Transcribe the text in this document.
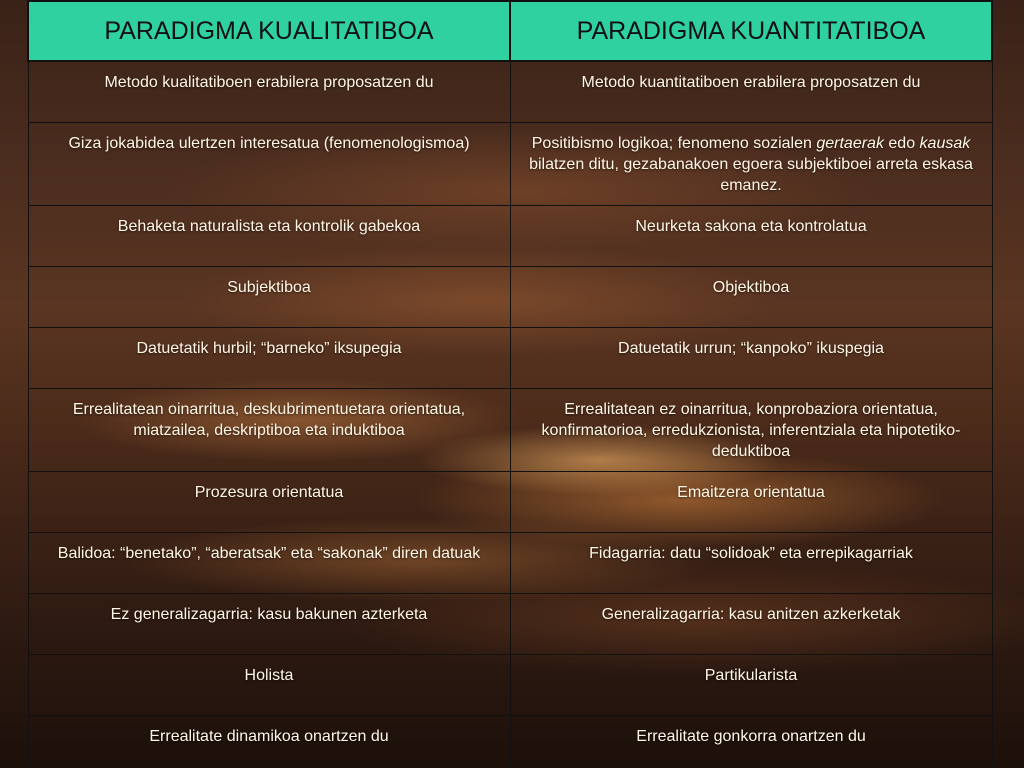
PARADIGMA KUALITATIBOA	PARADIGMA KUANTITATIBOA
Metodo kualitatiboen erabilera proposatzen du	Metodo kuantitatiboen erabilera proposatzen du
Giza jokabidea ulertzen interesatua (fenomenologismoa)	Positibismo logikoa; fenomeno sozialen gertaerak edo kausak bilatzen ditu, gezabanakoen egoera subjektiboei arreta eskasa emanez.
Behaketa naturalista eta kontrolik gabekoa	Neurketa sakona eta kontrolatua
Subjektiboa	Objektiboa
Datuetatik hurbil; “barneko” iksupegia	Datuetatik urrun; “kanpoko” ikuspegia
Errealitatean oinarritua, deskubrimentuetara orientatua, miatzailea, deskriptiboa eta induktiboa	Errealitatean ez oinarritua, konprobaziora orientatua, konfirmatorioa, erredukzionista, inferentziala eta hipotetiko-deduktiboa
Prozesura orientatua	Emaitzera orientatua
Balidoa: “benetako”, “aberatsak” eta “sakonak” diren datuak	Fidagarria: datu “solidoak” eta errepikagarriak
Ez generalizagarria: kasu bakunen azterketa	Generalizagarria: kasu anitzen azkerketak
Holista	Partikularista
Errealitate dinamikoa onartzen du	Errealitate gonkorra onartzen du
